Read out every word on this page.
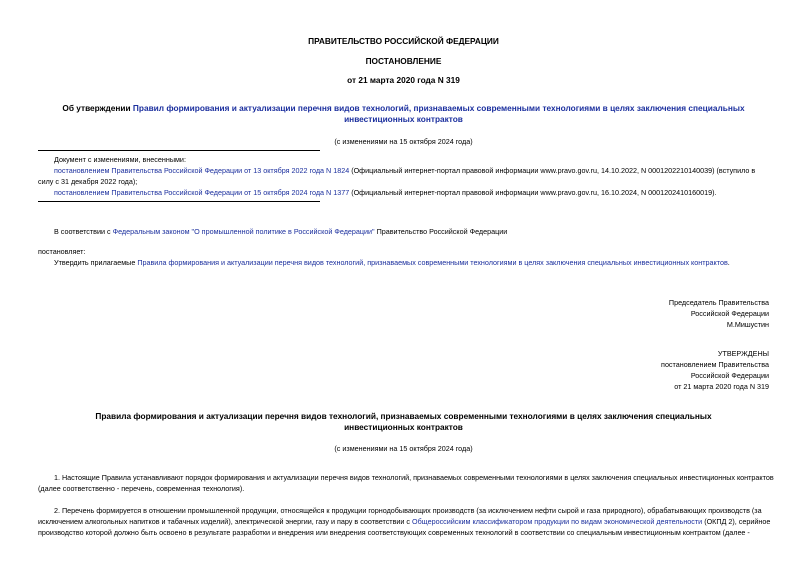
ПРАВИТЕЛЬСТВО РОССИЙСКОЙ ФЕДЕРАЦИИ
ПОСТАНОВЛЕНИЕ
от 21 марта 2020 года N 319
Об утверждении Правил формирования и актуализации перечня видов технологий, признаваемых современными технологиями в целях заключения специальных
инвестиционных контрактов
(с изменениями на 15 октября 2024 года)
Документ с изменениями, внесенными:
постановлением Правительства Российской Федерации от 13 октября 2022 года N 1824 (Официальный интернет-портал правовой информации www.pravo.gov.ru, 14.10.2022, N 0001202210140039) (вступило в
силу с 31 декабря 2022 года);
постановлением Правительства Российской Федерации от 15 октября 2024 года N 1377 (Официальный интернет-портал правовой информации www.pravo.gov.ru, 16.10.2024, N 0001202410160019).
В соответствии с Федеральным законом "О промышленной политике в Российской Федерации" Правительство Российской Федерации
постановляет:
Утвердить прилагаемые Правила формирования и актуализации перечня видов технологий, признаваемых современными технологиями в целях заключения специальных инвестиционных контрактов.
Председатель Правительства
Российской Федерации
М.Мишустин
УТВЕРЖДЕНЫ
постановлением Правительства
Российской Федерации
от 21 марта 2020 года N 319
Правила формирования и актуализации перечня видов технологий, признаваемых современными технологиями в целях заключения специальных
инвестиционных контрактов
(с изменениями на 15 октября 2024 года)
1. Настоящие Правила устанавливают порядок формирования и актуализации перечня видов технологий, признаваемых современными технологиями в целях заключения специальных инвестиционных контрактов
(далее соответственно - перечень, современная технология).
2. Перечень формируется в отношении промышленной продукции, относящейся к продукции горнодобывающих производств (за исключением нефти сырой и газа природного), обрабатывающих производств (за
исключением алкогольных напитков и табачных изделий), электрической энергии, газу и пару в соответствии с Общероссийским классификатором продукции по видам экономической деятельности (ОКПД 2), серийное
производство которой должно быть освоено в результате разработки и внедрения или внедрения соответствующих современных технологий в соответствии со специальным инвестиционным контрактом (далее -
